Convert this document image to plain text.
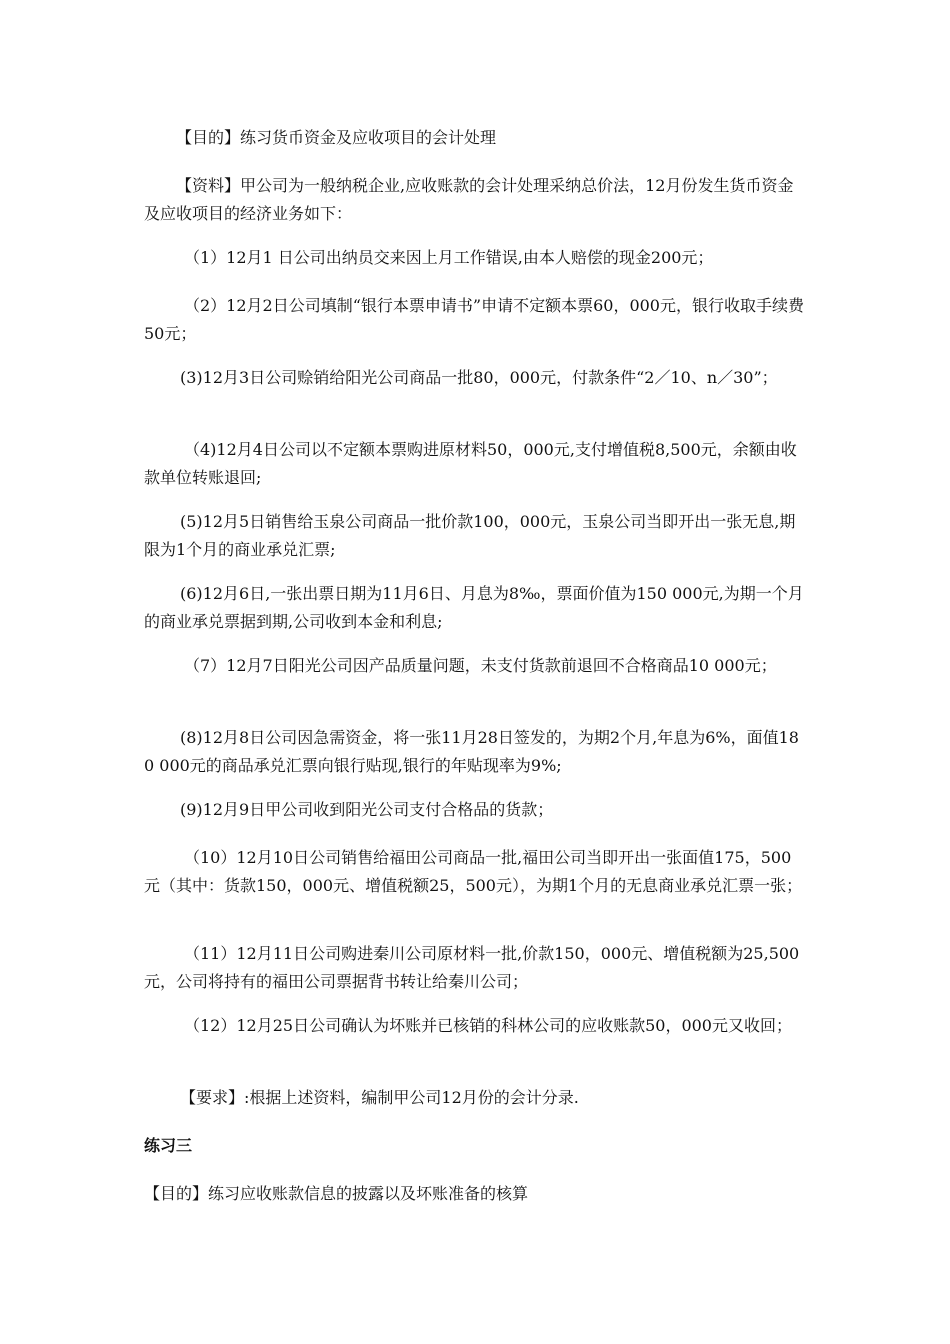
【目的】练习货币资金及应收项目的会计处理

【资料】甲公司为一般纳税企业,应收账款的会计处理采纳总价法，12月份发生货币资金及应收项目的经济业务如下：

（1）12月1 日公司出纳员交来因上月工作错误,由本人赔偿的现金200元；

（2）12月2日公司填制“银行本票申请书”申请不定额本票60，000元，银行收取手续费50元；

(3)12月3日公司赊销给阳光公司商品一批80，000元，付款条件“2／10、n／30”；

（4)12月4日公司以不定额本票购进原材料50，000元,支付增值税8,500元，余额由收款单位转账退回;

(5)12月5日销售给玉泉公司商品一批价款100，000元，玉泉公司当即开出一张无息,期限为1个月的商业承兑汇票;

(6)12月6日,一张出票日期为11月6日、月息为8‰，票面价值为150 000元,为期一个月的商业承兑票据到期,公司收到本金和利息;

（7）12月7日阳光公司因产品质量问题，未支付货款前退回不合格商品10 000元；

(8)12月8日公司因急需资金，将一张11月28日签发的，为期2个月,年息为6%，面值180 000元的商品承兑汇票向银行贴现,银行的年贴现率为9%;

(9)12月9日甲公司收到阳光公司支付合格品的货款；

（10）12月10日公司销售给福田公司商品一批,福田公司当即开出一张面值175，500元（其中：货款150，000元、增值税额25，500元），为期1个月的无息商业承兑汇票一张；

（11）12月11日公司购进秦川公司原材料一批,价款150，000元、增值税额为25,500元，公司将持有的福田公司票据背书转让给秦川公司；

（12）12月25日公司确认为坏账并已核销的科林公司的应收账款50，000元又收回；

【要求】:根据上述资料，编制甲公司12月份的会计分录.

练习三

【目的】练习应收账款信息的披露以及坏账准备的核算
